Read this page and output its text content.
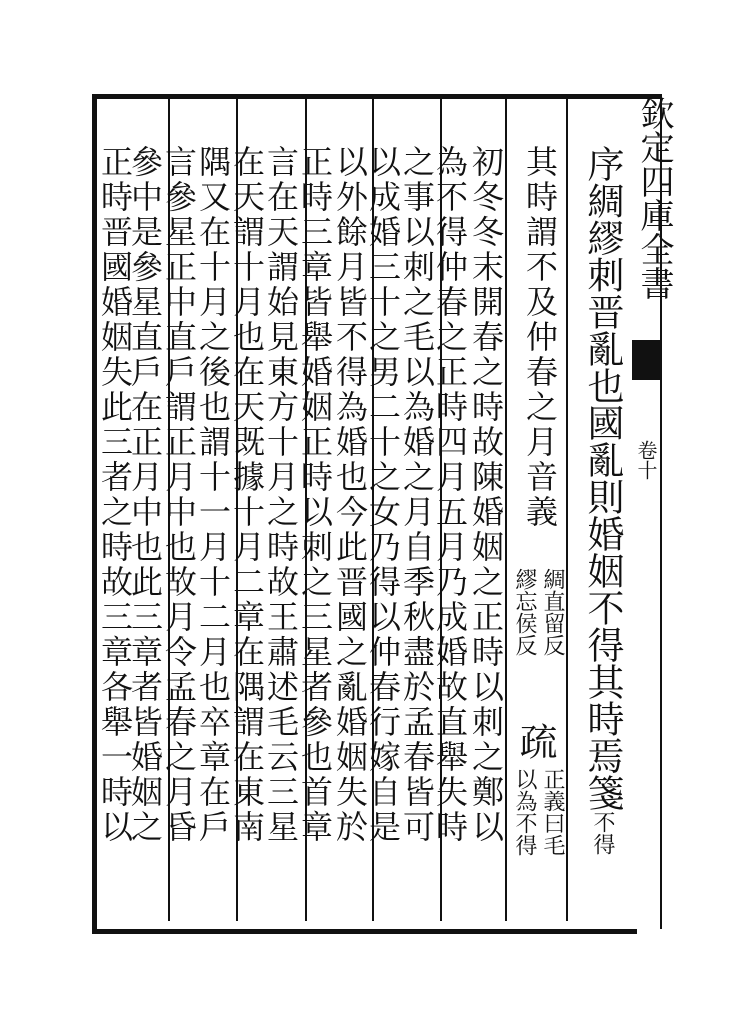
欽定四庫全書
卷十
序綢繆刺晋亂也國亂則婚姻不得其時焉箋不得
其時謂不及仲春之月音義
綢直留反
繆忘侯反
疏
正義曰毛
以為不得
初冬冬末開春之時故陳婚姻之正時以刺之鄭以
為不得仲春之正時四月五月乃成婚故直舉失時
之事以刺之毛以為婚之月自季秋盡於孟春皆可
以成婚三十之男二十之女乃得以仲春行嫁自是
以外餘月皆不得為婚也今此晋國之亂婚姻失於
正時三章皆舉婚姻正時以刺之三星者參也首章
言在天謂始見東方十月之時故王肅述毛云三星
在天謂十月也在天既據十月二章在隅謂在東南
隅又在十月之後也謂十一月十二月也卒章在戶
言參星正中直戶謂正月中也故月令孟春之月昏
參中是參星直戶在正月中也此三章者皆婚姻之
正時晋國婚姻失此三者之時故三章各舉一時以
